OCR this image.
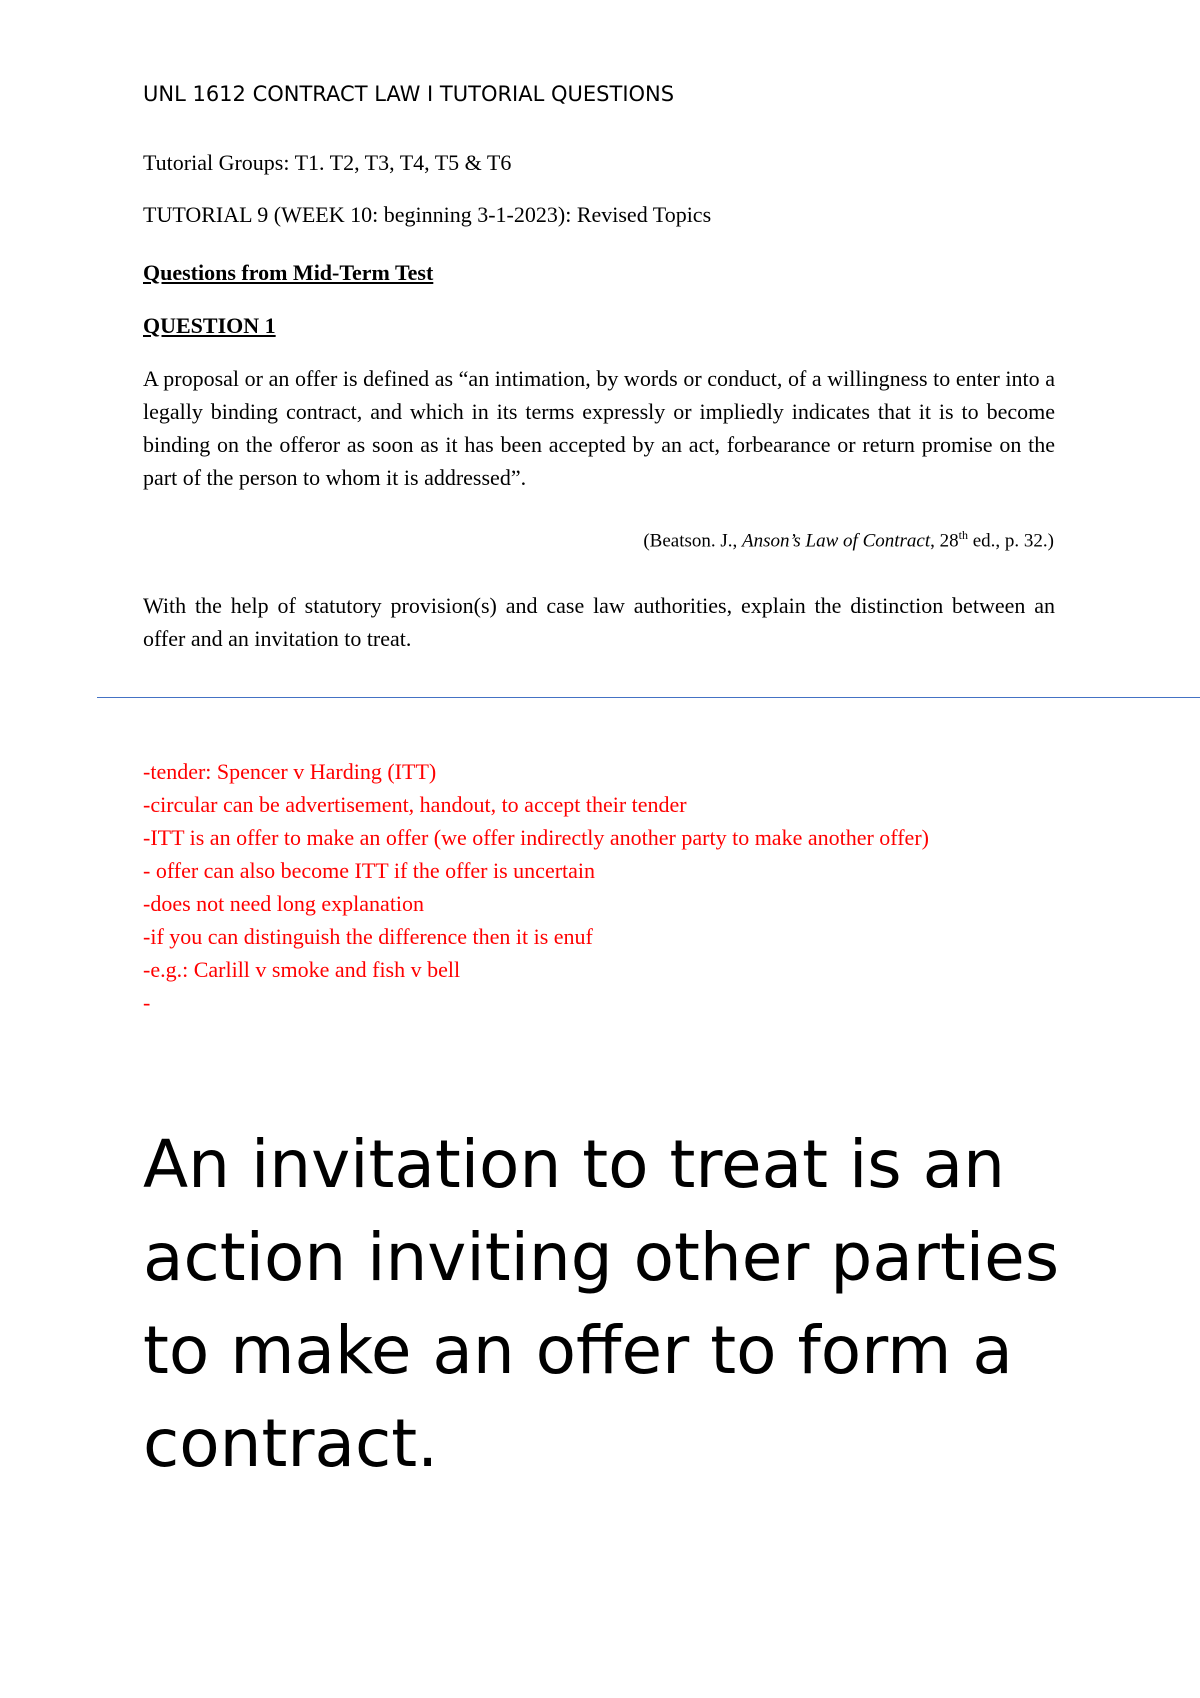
UNL 1612 CONTRACT LAW I TUTORIAL QUESTIONS
Tutorial Groups: T1. T2, T3, T4, T5 & T6
TUTORIAL 9 (WEEK 10: beginning 3-1-2023): Revised Topics
Questions from Mid-Term Test
QUESTION 1
A proposal or an offer is defined as “an intimation, by words or conduct, of a willingness to enter into a legally binding contract, and which in its terms expressly or impliedly indicates that it is to become binding on the offeror as soon as it has been accepted by an act, forbearance or return promise on the part of the person to whom it is addressed”.
(Beatson. J., Anson’s Law of Contract, 28th ed., p. 32.)
With the help of statutory provision(s) and case law authorities, explain the distinction between an offer and an invitation to treat.
-tender: Spencer v Harding (ITT)
-circular can be advertisement, handout, to accept their tender
-ITT is an offer to make an offer (we offer indirectly another party to make another offer)
- offer can also become ITT if the offer is uncertain
-does not need long explanation
-if you can distinguish the difference then it is enuf
-e.g.: Carlill v smoke and fish v bell
-
An invitation to treat is an action inviting other parties to make an offer to form a contract.
